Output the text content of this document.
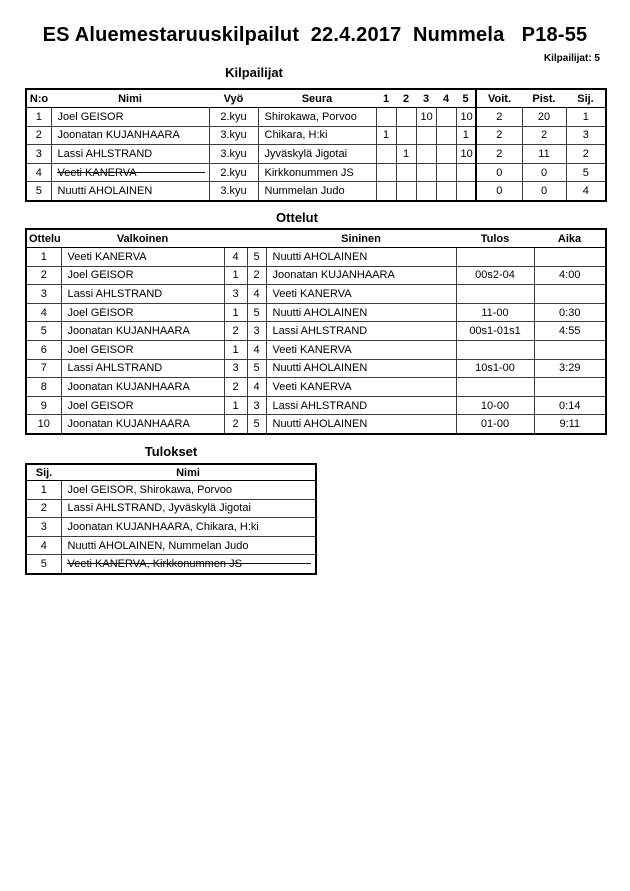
ES Aluemestaruuskilpailut  22.4.2017  Nummela   P18-55
Kilpailijat: 5
Kilpailijat
N:o	Nimi	Vyö	Seura	1	2	3	4	5	Voit.	Pist.	Sij.
1	Joel GEISOR	2.kyu	Shirokawa, Porvoo			10		10	2	20	1
2	Joonatan KUJANHAARA	3.kyu	Chikara, H:ki	1				1	2	2	3
3	Lassi AHLSTRAND	3.kyu	Jyväskylä Jigotai		1			10	2	11	2
4	Veeti KANERVA	2.kyu	Kirkkonummen JS						0	0	5
5	Nuutti AHOLAINEN	3.kyu	Nummelan Judo						0	0	4
Ottelut
Ottelu	Valkoinen			Sininen	Tulos	Aika
1	Veeti KANERVA	4	5	Nuutti AHOLAINEN		
2	Joel GEISOR	1	2	Joonatan KUJANHAARA	00s2-04	4:00
3	Lassi AHLSTRAND	3	4	Veeti KANERVA		
4	Joel GEISOR	1	5	Nuutti AHOLAINEN	11-00	0:30
5	Joonatan KUJANHAARA	2	3	Lassi AHLSTRAND	00s1-01s1	4:55
6	Joel GEISOR	1	4	Veeti KANERVA		
7	Lassi AHLSTRAND	3	5	Nuutti AHOLAINEN	10s1-00	3:29
8	Joonatan KUJANHAARA	2	4	Veeti KANERVA		
9	Joel GEISOR	1	3	Lassi AHLSTRAND	10-00	0:14
10	Joonatan KUJANHAARA	2	5	Nuutti AHOLAINEN	01-00	9:11
Tulokset
Sij.	Nimi
1	Joel GEISOR, Shirokawa, Porvoo
2	Lassi AHLSTRAND, Jyväskylä Jigotai
3	Joonatan KUJANHAARA, Chikara, H:ki
4	Nuutti AHOLAINEN, Nummelan Judo
5	Veeti KANERVA, Kirkkonummen JS
